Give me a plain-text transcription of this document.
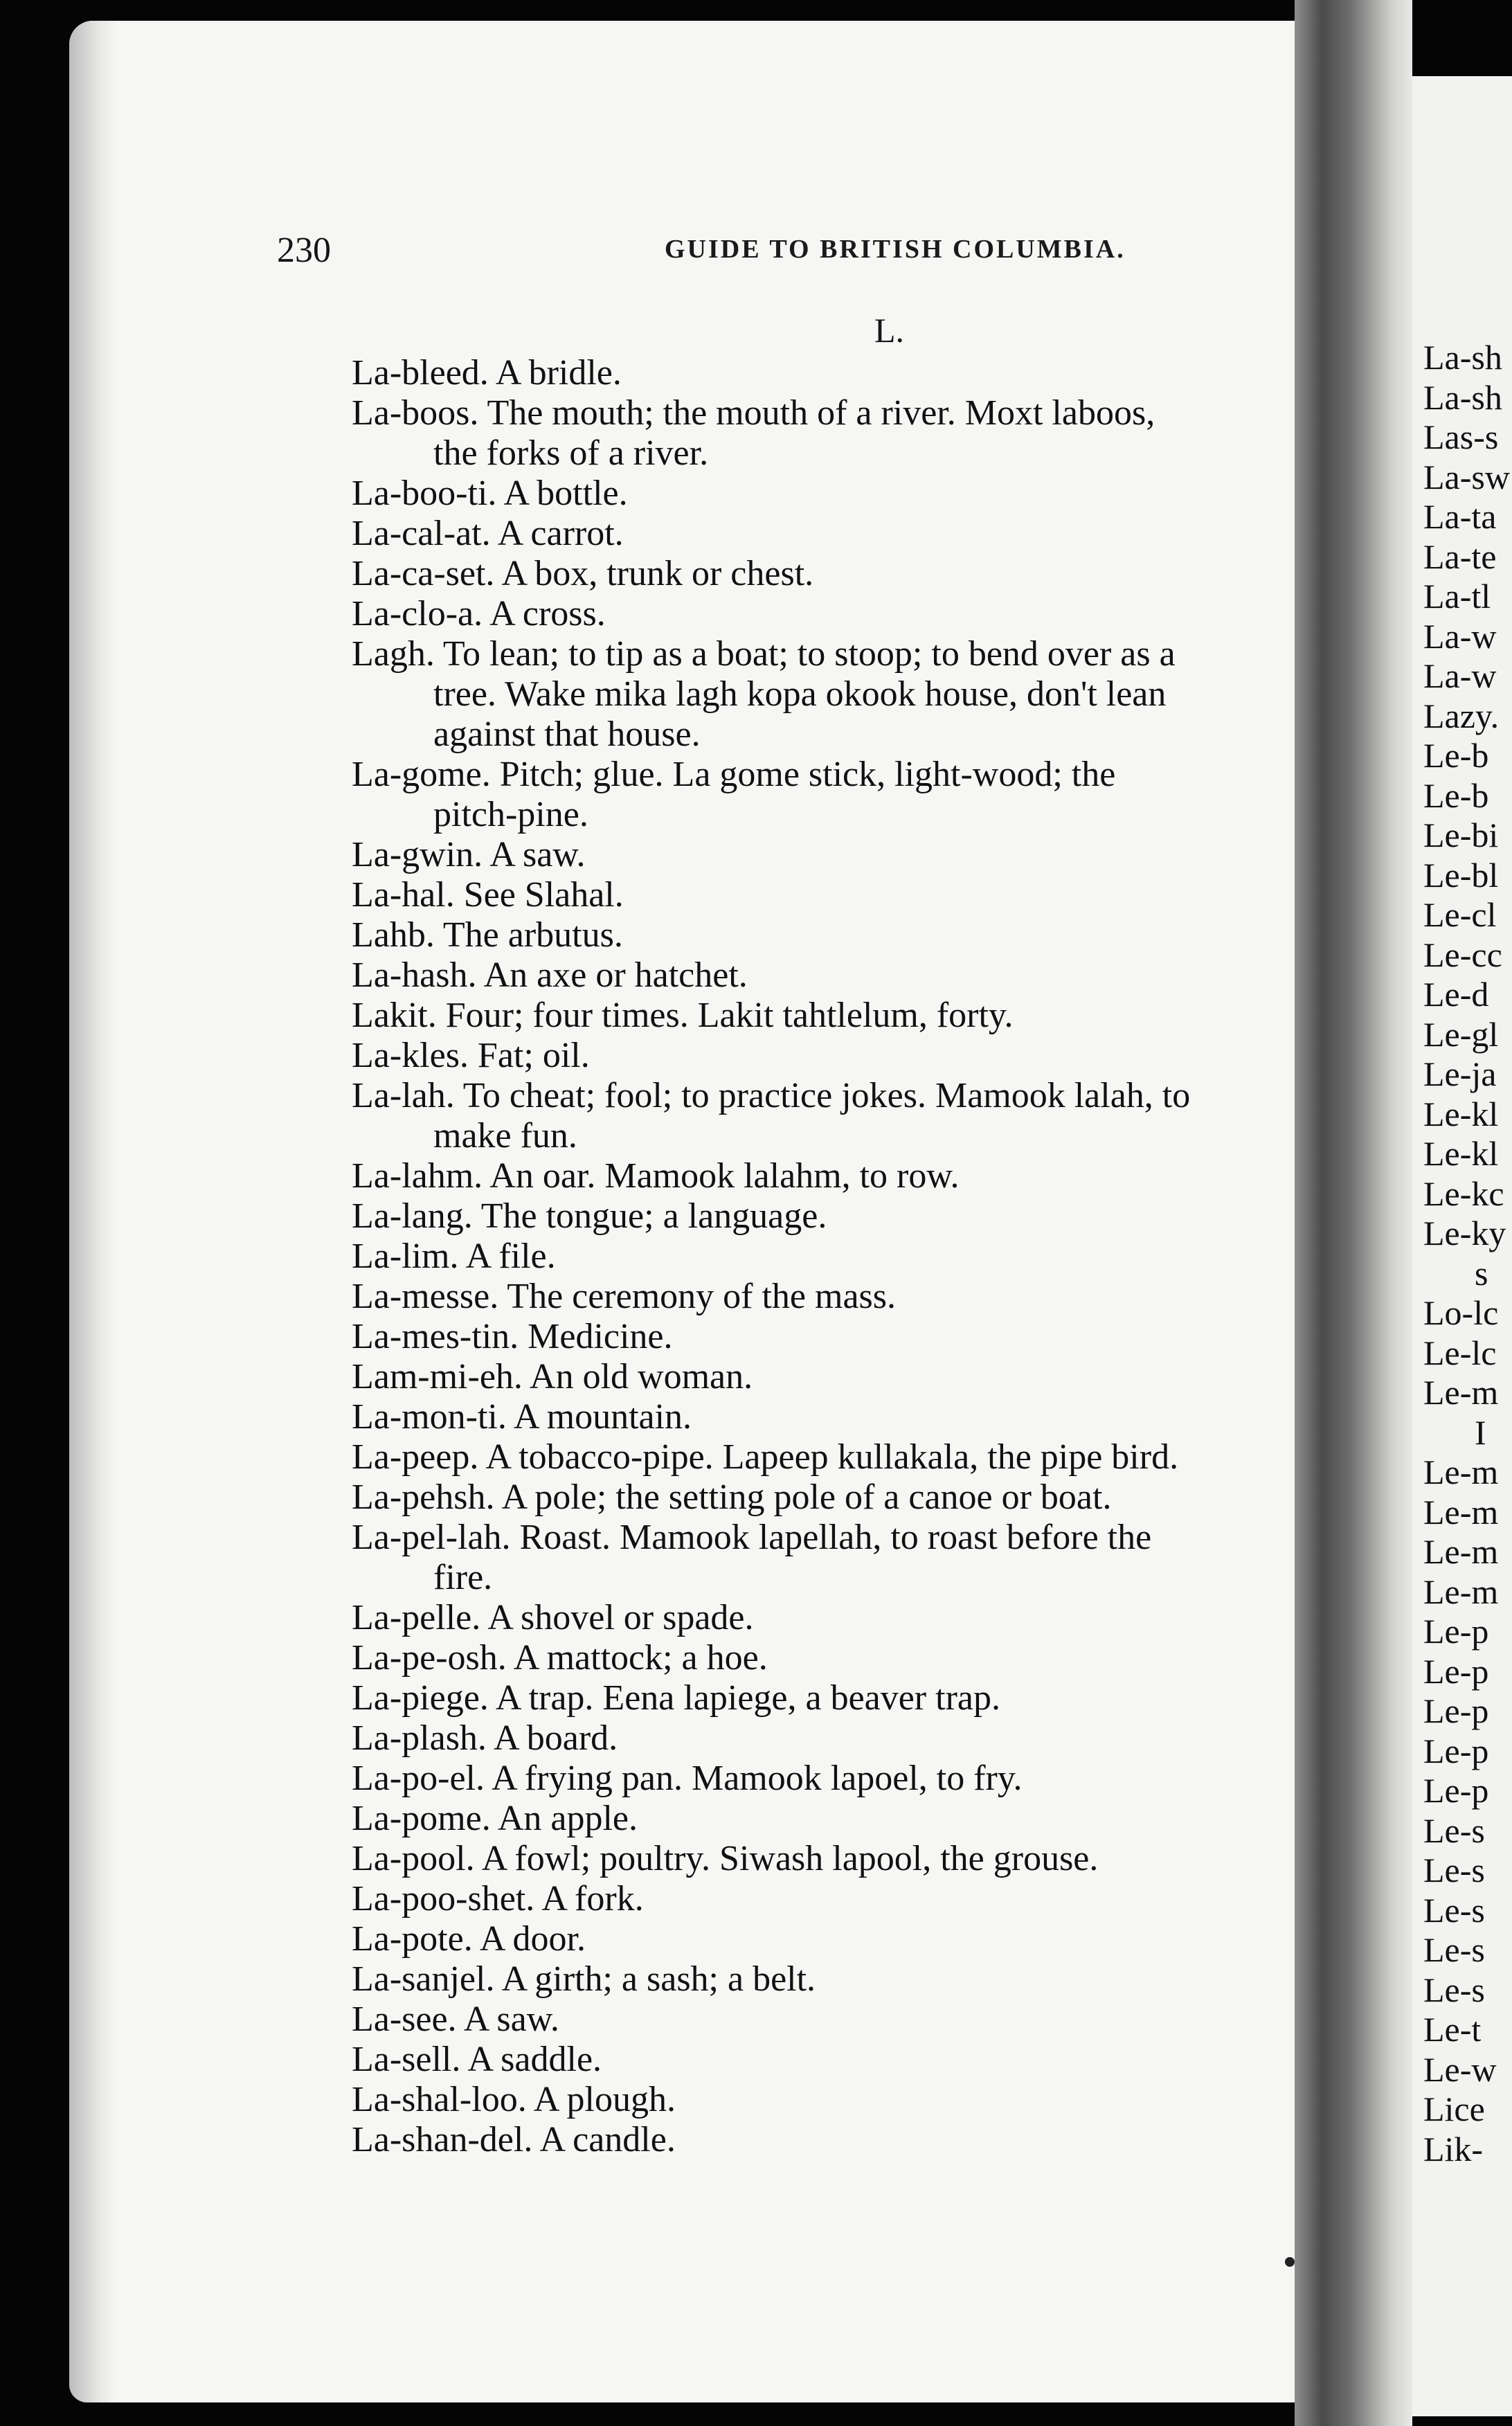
230	GUIDE TO BRITISH COLUMBIA.
L.
La-bleed. A bridle.
La-boos. The mouth; the mouth of a river. Moxt laboos,
the forks of a river.
La-boo-ti. A bottle.
La-cal-at. A carrot.
La-ca-set. A box, trunk or chest.
La-clo-a. A cross.
Lagh. To lean; to tip as a boat; to stoop; to bend over as a
tree. Wake mika lagh kopa okook house, don't lean
against that house.
La-gome. Pitch; glue. La gome stick, light-wood; the
pitch-pine.
La-gwin. A saw.
La-hal. See Slahal.
Lahb. The arbutus.
La-hash. An axe or hatchet.
Lakit. Four; four times. Lakit tahtlelum, forty.
La-kles. Fat; oil.
La-lah. To cheat; fool; to practice jokes. Mamook lalah, to
make fun.
La-lahm. An oar. Mamook lalahm, to row.
La-lang. The tongue; a language.
La-lim. A file.
La-messe. The ceremony of the mass.
La-mes-tin. Medicine.
Lam-mi-eh. An old woman.
La-mon-ti. A mountain.
La-peep. A tobacco-pipe. Lapeep kullakala, the pipe bird.
La-pehsh. A pole; the setting pole of a canoe or boat.
La-pel-lah. Roast. Mamook lapellah, to roast before the
fire.
La-pelle. A shovel or spade.
La-pe-osh. A mattock; a hoe.
La-piege. A trap. Eena lapiege, a beaver trap.
La-plash. A board.
La-po-el. A frying pan. Mamook lapoel, to fry.
La-pome. An apple.
La-pool. A fowl; poultry. Siwash lapool, the grouse.
La-poo-shet. A fork.
La-pote. A door.
La-sanjel. A girth; a sash; a belt.
La-see. A saw.
La-sell. A saddle.
La-shal-loo. A plough.
La-shan-del. A candle.
La-sh
La-sh
Las-s
La-sw
La-ta
La-te
La-tl
La-w
La-w
Lazy.
Le-b
Le-b
Le-bi
Le-bl
Le-cl
Le-cc
Le-d
Le-gl
Le-ja
Le-kl
Le-kl
Le-kc
Le-ky
s
Lo-lc
Le-lc
Le-m
I
Le-m
Le-m
Le-m
Le-m
Le-p
Le-p
Le-p
Le-p
Le-p
Le-s
Le-s
Le-s
Le-s
Le-s
Le-t
Le-w
Lice
Lik-
